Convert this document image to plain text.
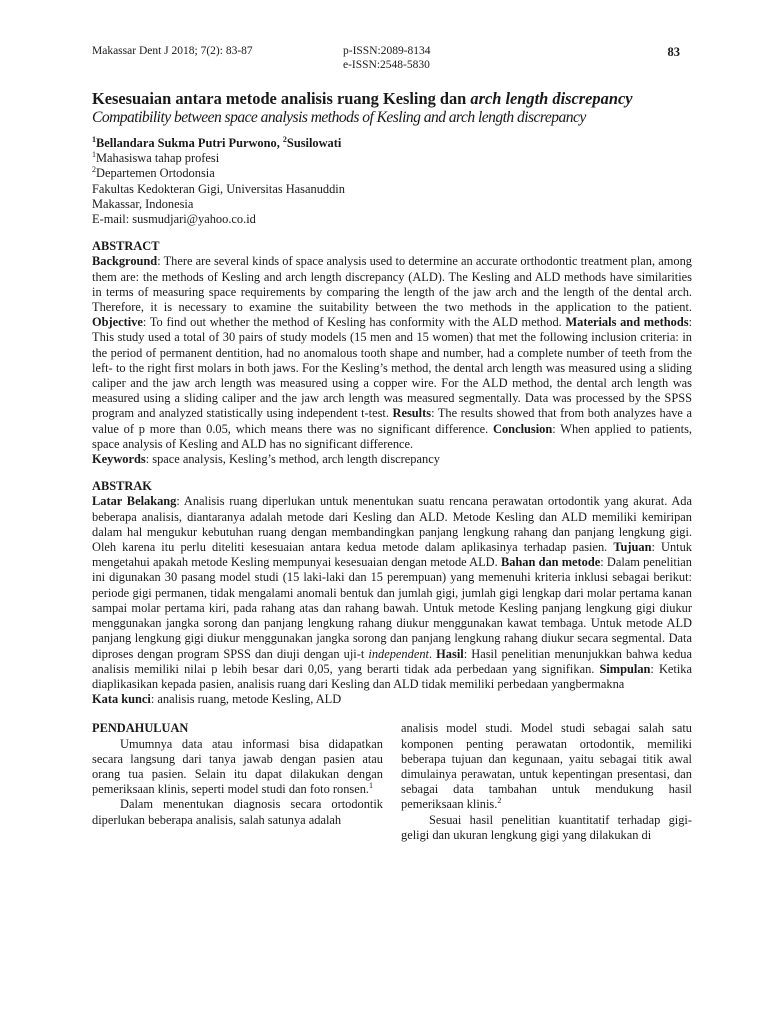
Makassar Dent J 2018; 7(2): 83-87	p-ISSN:2089-8134
e-ISSN:2548-5830
83
Kesesuaian antara metode analisis ruang Kesling dan arch length discrepancy
Compatibility between space analysis methods of Kesling and arch length discrepancy
$^1$Bellandara Sukma Putri Purwono, $^2$Susilowati
$^1$Mahasiswa tahap profesi
$^2$Departemen Ortodonsia
Fakultas Kedokteran Gigi, Universitas Hasanuddin
Makassar, Indonesia
E-mail: susmudjari@yahoo.co.id
ABSTRACT
Background: There are several kinds of space analysis used to determine an accurate orthodontic treatment plan, among them are: the methods of Kesling and arch length discrepancy (ALD). The Kesling and ALD methods have similarities in terms of measuring space requirements by comparing the length of the jaw arch and the length of the dental arch. Therefore, it is necessary to examine the suitability between the two methods in the application to the patient. Objective: To find out whether the method of Kesling has conformity with the ALD method. Materials and methods: This study used a total of 30 pairs of study models (15 men and 15 women) that met the following inclusion criteria: in the period of permanent dentition, had no anomalous tooth shape and number, had a complete number of teeth from the left- to the right first molars in both jaws. For the Kesling’s method, the dental arch length was measured using a sliding caliper and the jaw arch length was measured using a copper wire. For the ALD method, the dental arch length was measured using a sliding caliper and the jaw arch length was measured segmentally. Data was processed by the SPSS program and analyzed statistically using independent t-test. Results: The results showed that from both analyzes have a value of p more than 0.05, which means there was no significant difference. Conclusion: When applied to patients, space analysis of Kesling and ALD has no significant difference.
Keywords: space analysis, Kesling’s method, arch length discrepancy
ABSTRAK
Latar Belakang: Analisis ruang diperlukan untuk menentukan suatu rencana perawatan ortodontik yang akurat. Ada beberapa analisis, diantaranya adalah metode dari Kesling dan ALD. Metode Kesling dan ALD memiliki kemiripan dalam hal mengukur kebutuhan ruang dengan membandingkan panjang lengkung rahang dan panjang lengkung gigi. Oleh karena itu perlu diteliti kesesuaian antara kedua metode dalam aplikasinya terhadap pasien. Tujuan: Untuk mengetahui apakah metode Kesling mempunyai kesesuaian dengan metode ALD. Bahan dan metode: Dalam penelitian ini digunakan 30 pasang model studi (15 laki-laki dan 15 perempuan) yang memenuhi kriteria inklusi sebagai berikut: periode gigi permanen, tidak mengalami anomali bentuk dan jumlah gigi, jumlah gigi lengkap dari molar pertama kanan sampai molar pertama kiri, pada rahang atas dan rahang bawah. Untuk metode Kesling panjang lengkung gigi diukur menggunakan jangka sorong dan panjang lengkung rahang diukur menggunakan kawat tembaga. Untuk metode ALD panjang lengkung gigi diukur menggunakan jangka sorong dan panjang lengkung rahang diukur secara segmental. Data diproses dengan program SPSS dan diuji dengan uji-t independent. Hasil: Hasil penelitian menunjukkan bahwa kedua analisis memiliki nilai p lebih besar dari 0,05, yang berarti tidak ada perbedaan yang signifikan. Simpulan: Ketika diaplikasikan kepada pasien, analisis ruang dari Kesling dan ALD tidak memiliki perbedaan yangbermakna
Kata kunci: analisis ruang, metode Kesling, ALD
PENDAHULUAN

Umumnya data atau informasi bisa didapatkan secara langsung dari tanya jawab dengan pasien atau orang tua pasien. Selain itu dapat dilakukan dengan pemeriksaan klinis, seperti model studi dan foto ronsen.$^1$

Dalam menentukan diagnosis secara ortodontik diperlukan beberapa analisis, salah satunya adalah

analisis model studi. Model studi sebagai salah satu komponen penting perawatan ortodontik, memiliki beberapa tujuan dan kegunaan, yaitu sebagai titik awal dimulainya perawatan, untuk kepentingan presentasi, dan sebagai data tambahan untuk mendukung hasil pemeriksaan klinis.$^2$

Sesuai hasil penelitian kuantitatif terhadap gigi-geligi dan ukuran lengkung gigi yang dilakukan di
